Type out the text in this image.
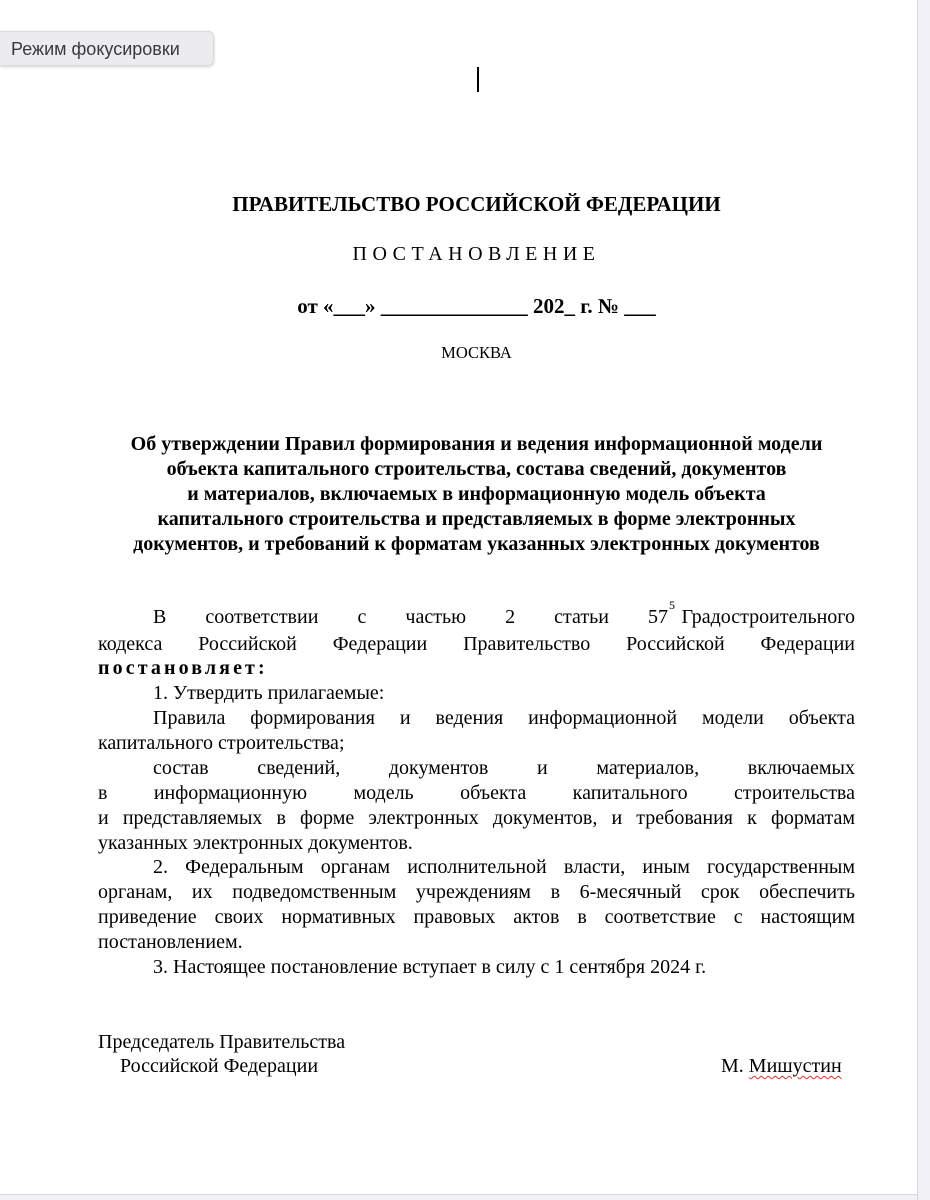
Режим фокусировки
ПРАВИТЕЛЬСТВО РОССИЙСКОЙ ФЕДЕРАЦИИ
ПОСТАНОВЛЕНИЕ
от «___» ______________ 202_ г. № ___
МОСКВА
Об утверждении Правил формирования и ведения информационной модели
объекта капитального строительства, состава сведений, документов
и материалов, включаемых в информационную модель объекта
капитального строительства и представляемых в форме электронных
документов, и требований к форматам указанных электронных документов
В соответствии с частью 2 статьи 57
5
Градостроительного
кодекса Российской Федерации Правительство Российской Федерации
постановляет:
1. Утвердить прилагаемые:
Правила формирования и ведения информационной модели объекта
капитального строительства;
состав сведений, документов и материалов, включаемых
в информационную модель объекта капитального строительства
и представляемых в форме электронных документов, и требования к форматам
указанных электронных документов.
2. Федеральным органам исполнительной власти, иным государственным
органам, их подведомственным учреждениям в 6-месячный срок обеспечить
приведение своих нормативных правовых актов в соответствие с настоящим
постановлением.
3. Настоящее постановление вступает в силу с 1 сентября 2024 г.
Председатель Правительства
Российской Федерации	М. Мишустин
